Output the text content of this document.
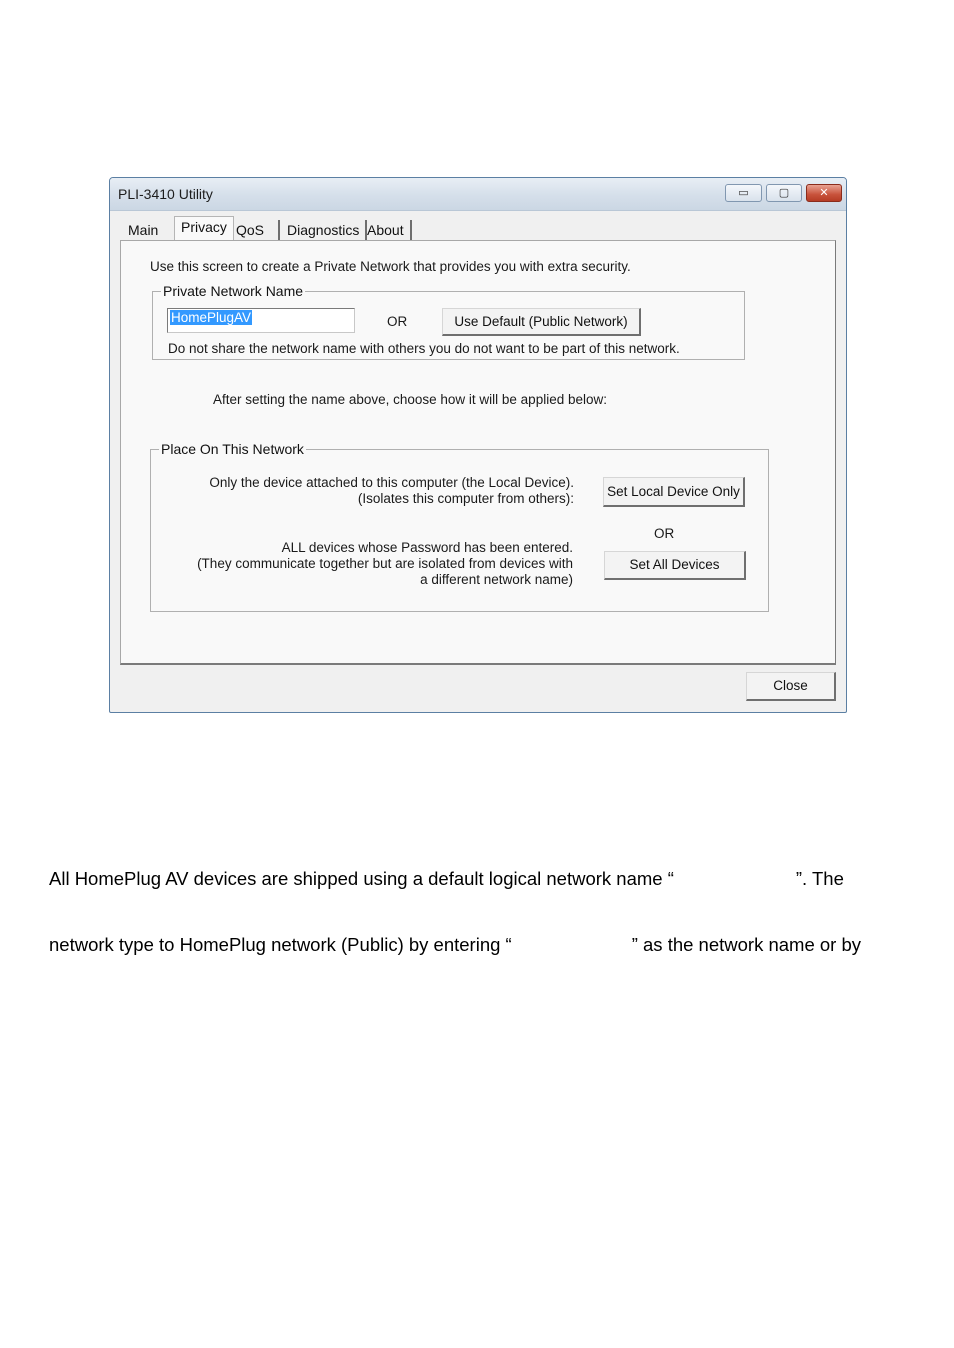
PLI-3410 Utility	▭	▢	✕
Main	Privacy QoS	Diagnostics About
Use this screen to create a Private Network that provides you with extra security.
Private Network Name
HomePlugAV	OR	Use Default (Public Network)
Do not share the network name with others you do not want to be part of this network.
After setting the name above, choose how it will be applied below:
Place On This Network
Only the device attached to this computer (the Local Device).
(Isolates this computer from others):	Set Local Device Only
OR
ALL devices whose Password has been entered.
(They communicate together but are isolated from devices with
a different network name)
Set All Devices
Close
All HomePlug AV devices are shipped using a default logical network name “	”. The
network type to HomePlug network (Public) by entering “	” as the network name or by
